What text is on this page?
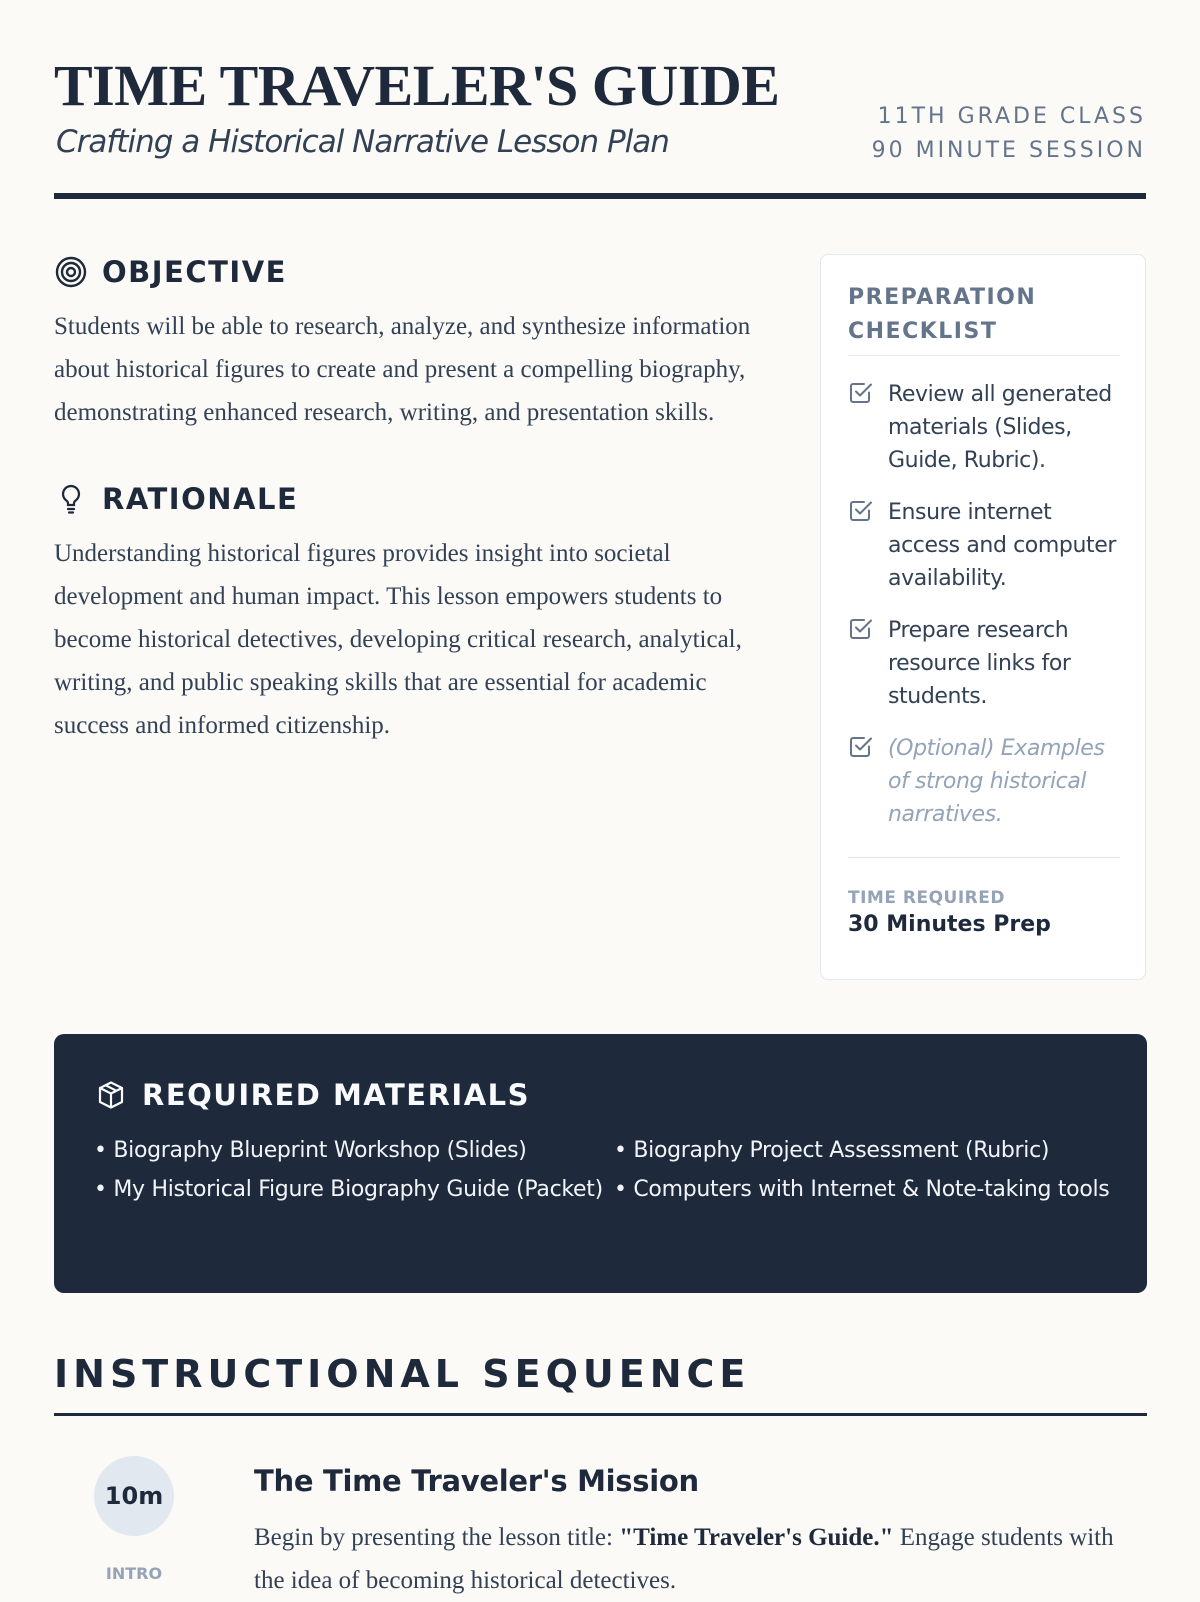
TIME TRAVELER'S GUIDE
Crafting a Historical Narrative Lesson Plan
11TH GRADE CLASS
90 MINUTE SESSION
OBJECTIVE

Students will be able to research, analyze, and synthesize information about historical figures to create and present a compelling biography, demonstrating enhanced research, writing, and presentation skills.

RATIONALE

Understanding historical figures provides insight into societal development and human impact. This lesson empowers students to become historical detectives, developing critical research, analytical, writing, and public speaking skills that are essential for academic success and informed citizenship.

PREPARATION CHECKLIST
Review all generated materials (Slides, Guide, Rubric).
Ensure internet access and computer availability.
Prepare research resource links for students.
(Optional) Examples of strong historical narratives.
TIME REQUIRED
30 Minutes Prep
REQUIRED MATERIALS
• Biography Blueprint Workshop (Slides)	• Biography Project Assessment (Rubric)
• My Historical Figure Biography Guide (Packet) • Computers with Internet & Note-taking tools
INSTRUCTIONAL SEQUENCE
10m
INTRO
The Time Traveler's Mission

Begin by presenting the lesson title: "Time Traveler's Guide." Engage students with the idea of becoming historical detectives.
